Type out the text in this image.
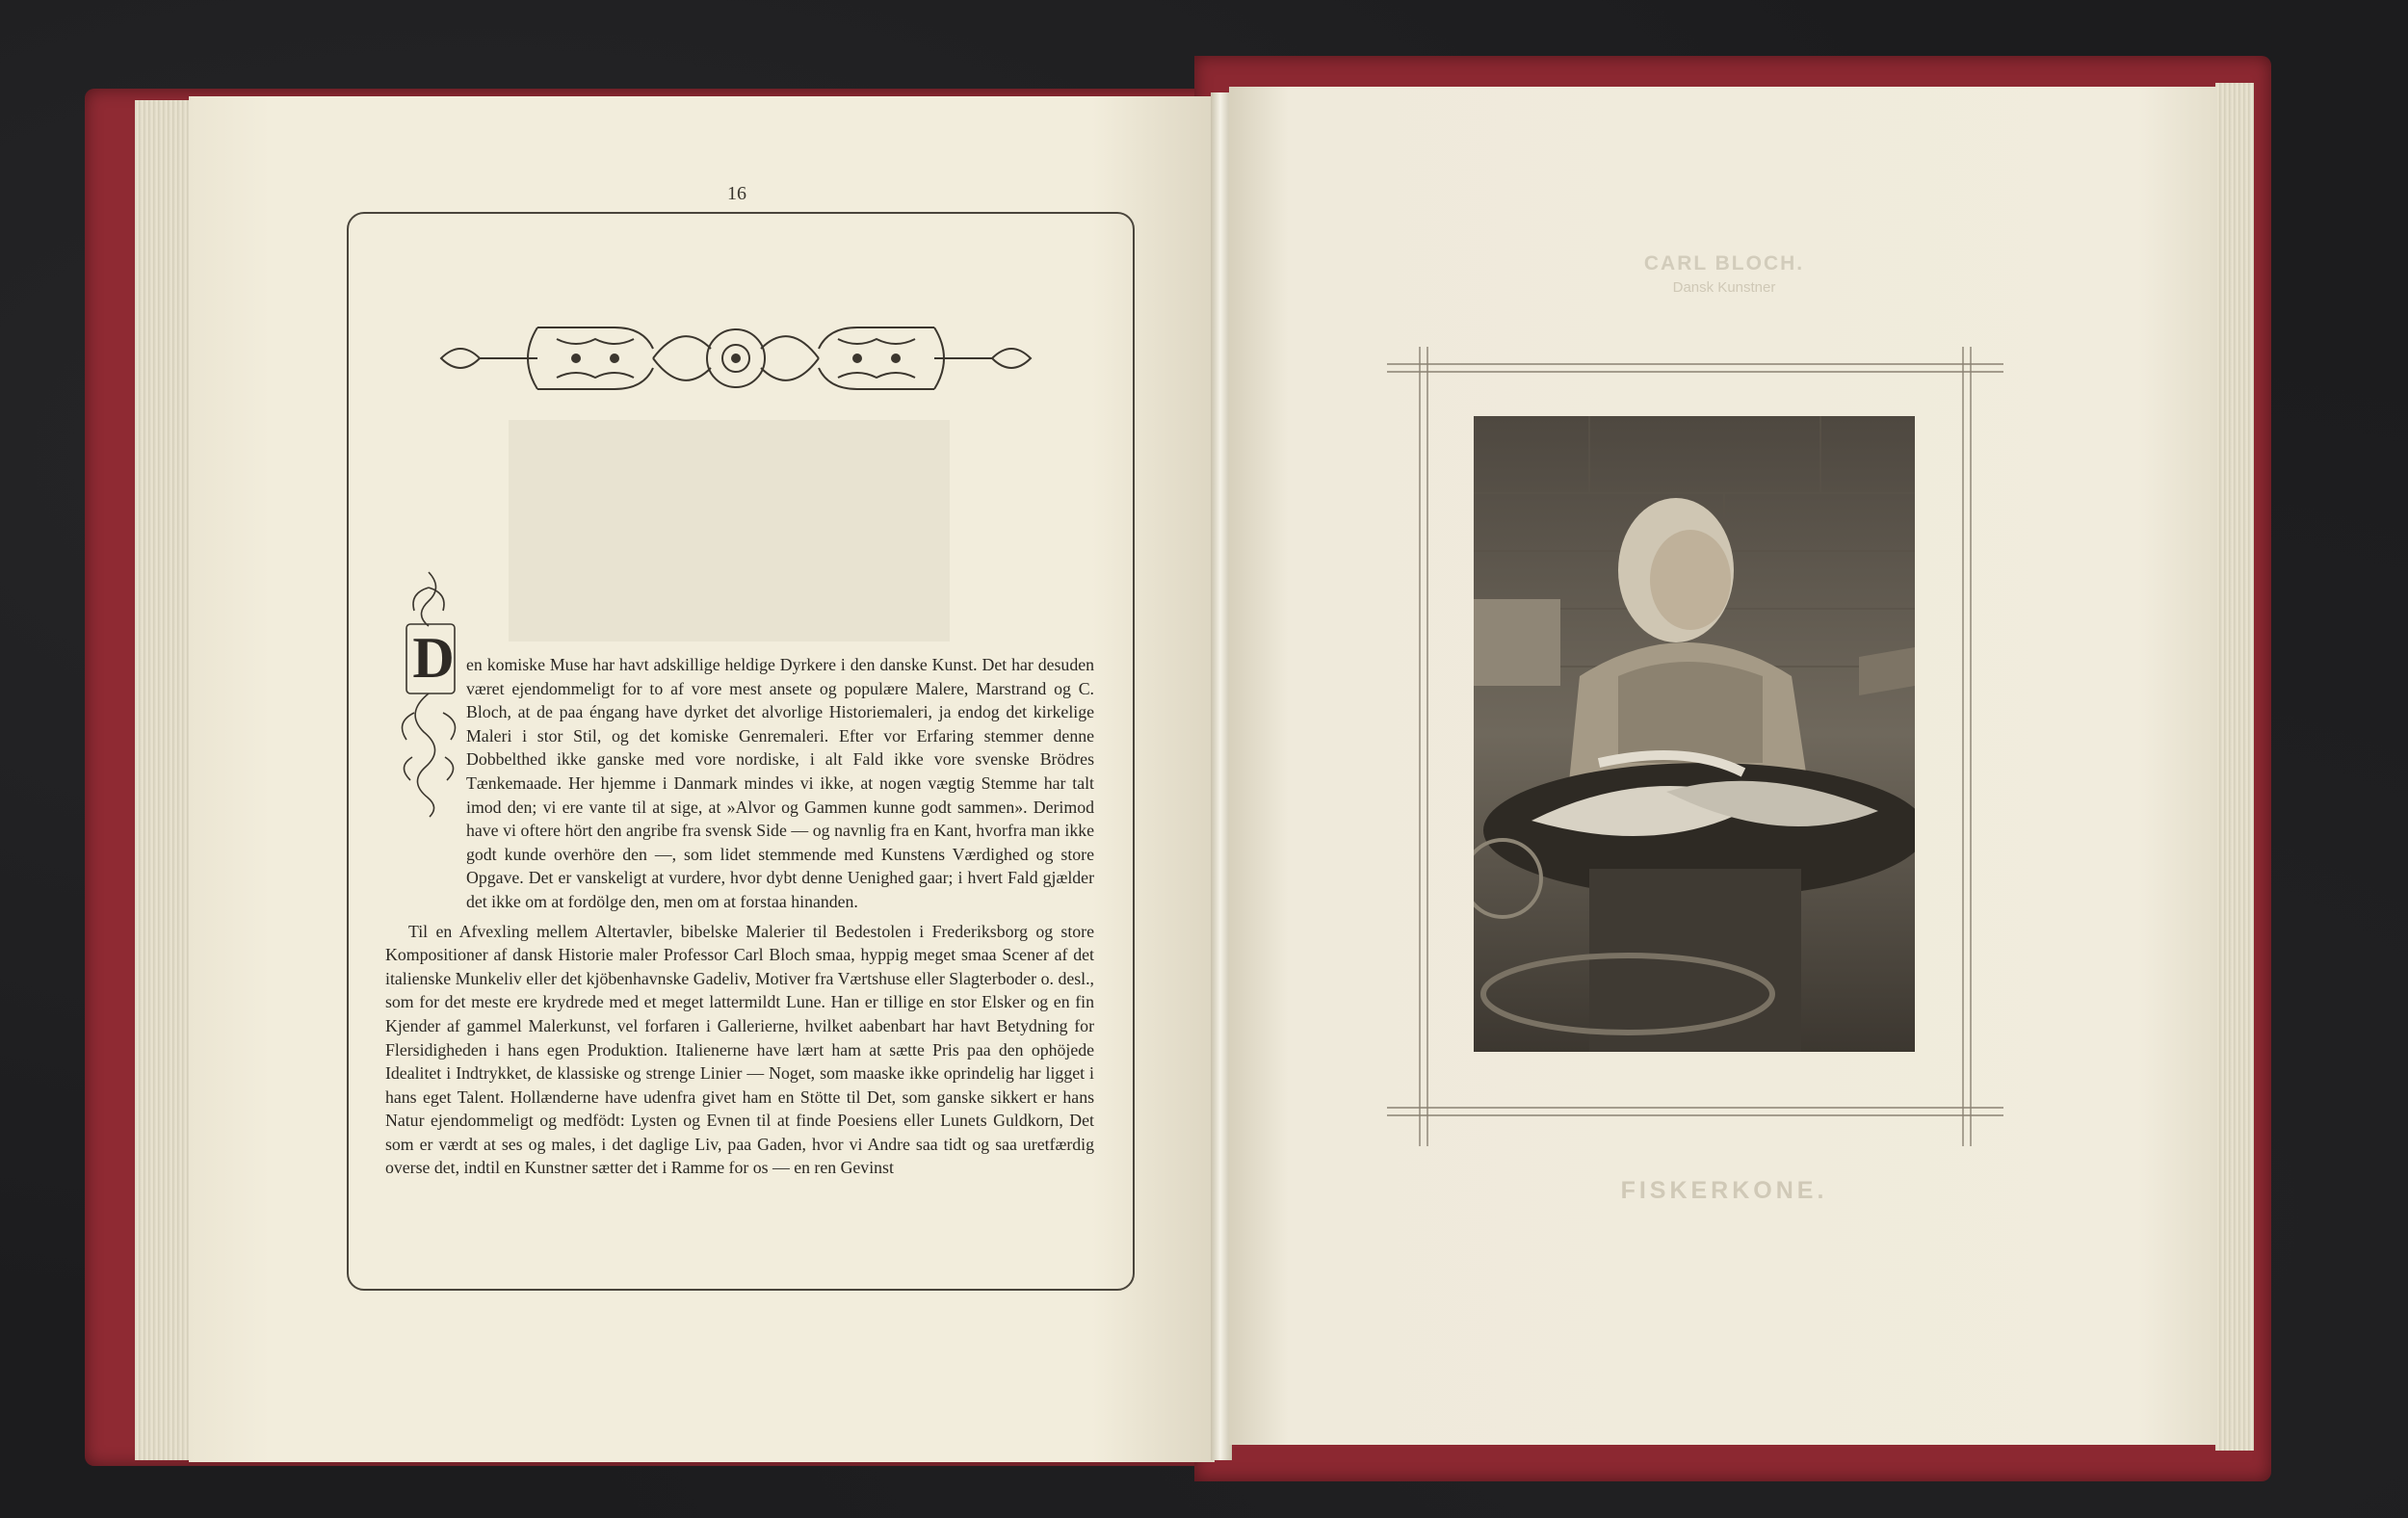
16
D en komiske Muse har havt adskillige heldige Dyrkere i den danske Kunst. Det har desuden været ejendommeligt for to af vore mest ansete og populære Malere, Marstrand og C. Bloch, at de paa éngang have dyrket det alvorlige Historiemaleri, ja endog det kirkelige Maleri i stor Stil, og det komiske Genremaleri. Efter vor Erfaring stemmer denne Dobbelthed ikke ganske med vore nordiske, i alt Fald ikke vore svenske Brödres Tænkemaade. Her hjemme i Danmark mindes vi ikke, at nogen vægtig Stemme har talt imod den; vi ere vante til at sige, at »Alvor og Gammen kunne godt sammen». Derimod have vi oftere hört den angribe fra svensk Side — og navnlig fra en Kant, hvorfra man ikke godt kunde overhöre den —, som lidet stemmende med Kunstens Værdighed og store Opgave. Det er vanskeligt at vurdere, hvor dybt denne Uenighed gaar; i hvert Fald gjælder det ikke om at fordölge den, men om at forstaa hinanden.

Til en Afvexling mellem Altertavler, bibelske Malerier til Bedestolen i Frederiksborg og store Kompositioner af dansk Historie maler Professor Carl Bloch smaa, hyppig meget smaa Scener af det italienske Munkeliv eller det kjöbenhavnske Gadeliv, Motiver fra Værtshuse eller Slagterboder o. desl., som for det meste ere krydrede med et meget lattermildt Lune. Han er tillige en stor Elsker og en fin Kjender af gammel Malerkunst, vel forfaren i Gallerierne, hvilket aabenbart har havt Betydning for Flersidigheden i hans egen Produktion. Italienerne have lært ham at sætte Pris paa den ophöjede Idealitet i Indtrykket, de klassiske og strenge Linier — Noget, som maaske ikke oprindelig har ligget i hans eget Talent. Hollænderne have udenfra givet ham en Stötte til Det, som ganske sikkert er hans Natur ejendommeligt og medfödt: Lysten og Evnen til at finde Poesiens eller Lunets Guldkorn, Det som er værdt at ses og males, i det daglige Liv, paa Gaden, hvor vi Andre saa tidt og saa uretfærdig overse det, indtil en Kunstner sætter det i Ramme for os — en ren Gevinst

CARL BLOCH.
Dansk Kunstner
FISKERKONE.
